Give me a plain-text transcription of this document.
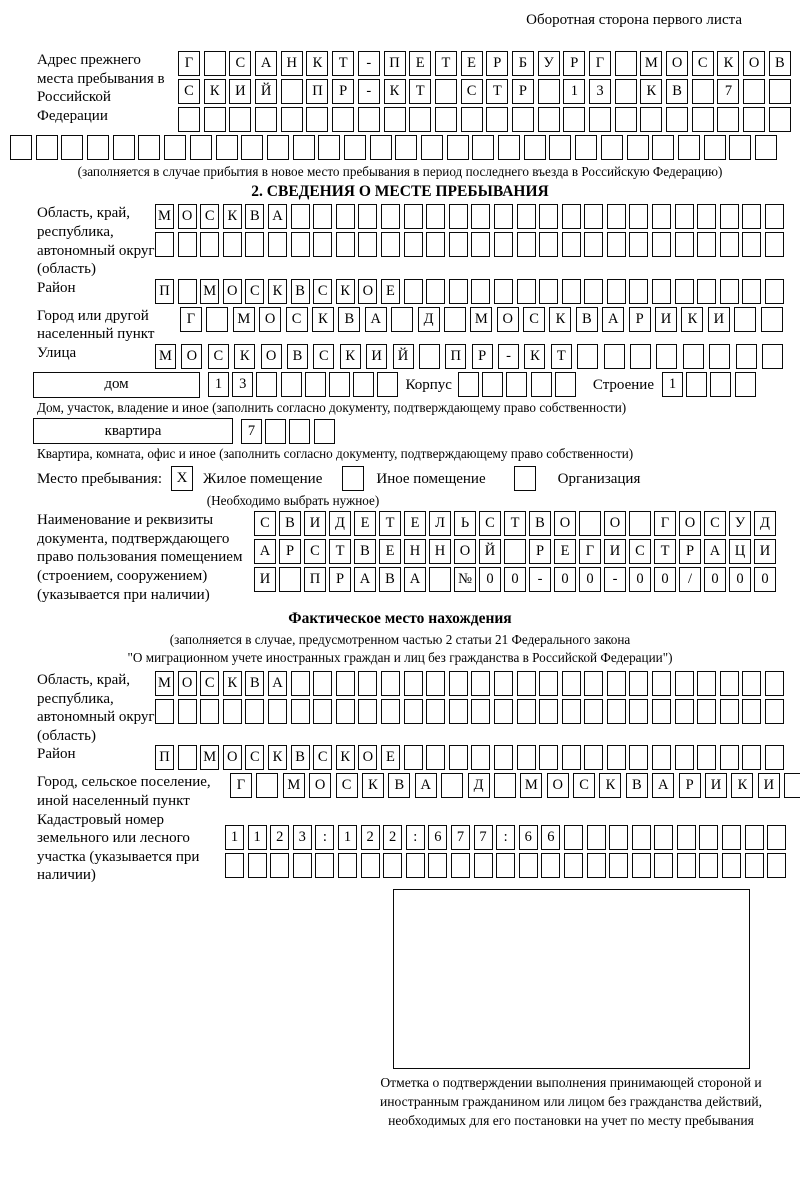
Оборотная сторона первого листа
Адрес прежнего места пребывания в Российской Федерации
Г	С	А	Н	К	Т	-	П	Е	Т	Е	Р	Б	У	Р	Г	М О	С	К	О	В
С	К	И	Й	П	Р	-	К	Т	С	Т	Р	1	3	К	В	7
(заполняется в случае прибытия в новое место пребывания в период последнего въезда в Российскую Федерацию)
2. СВЕДЕНИЯ О МЕСТЕ ПРЕБЫВАНИЯ
Область, край, республика, автономный округ (область)
М О С К В А
Район	П М О С К В С К О Е
Город или другой населенный пункт
Г	М	О	С	К	В	А	Д	М	О	С	К	В	А	Р	И	К	И
Улица	М	О	С	К	О	В	С	К	И	Й	П	Р	-	К	Т
дом	1	3	Корпус	Строение	1
Дом, участок, владение и иное (заполнить согласно документу, подтверждающему право собственности)
квартира	7
Квартира, комната, офис и иное (заполнить согласно документу, подтверждающему право собственности)
Место пребывания: X	Жилое помещение	Иное помещение	Организация
(Необходимо выбрать нужное)
Наименование и реквизиты документа, подтверждающего право пользования помещением (строением, сооружением) (указывается при наличии)
С	В	И	Д	Е	Т	Е	Л	Ь	С	Т	В	О	О	Г	О	С	У	Д
А	Р	С	Т	В	Е	Н	Н	О	Й	Р	Е	Г	И	С	Т	Р	А	Ц	И
И	П	Р	А	В	А	№ 0	0	-	0	0	-	0	0	/	0	0	0
Фактическое место нахождения
(заполняется в случае, предусмотренном частью 2 статьи 21 Федерального закона
"О миграционном учете иностранных граждан и лиц без гражданства в Российской Федерации")
Область, край, республика, автономный округ (область)
М О С К В А
Район	П М О С К В С К О Е
Город, сельское поселение, иной населенный пункт
Г	М	О	С	К	В	А	Д	М	О	С	К	В	А	Р	И	К	И
Кадастровый номер земельного или лесного участка (указывается при наличии)
1	1	2	3	:	1	2	2	:	6	7	7	:	6	6
Отметка о подтверждении выполнения принимающей стороной и иностранным гражданином или лицом без гражданства действий, необходимых для его постановки на учет по месту пребывания
